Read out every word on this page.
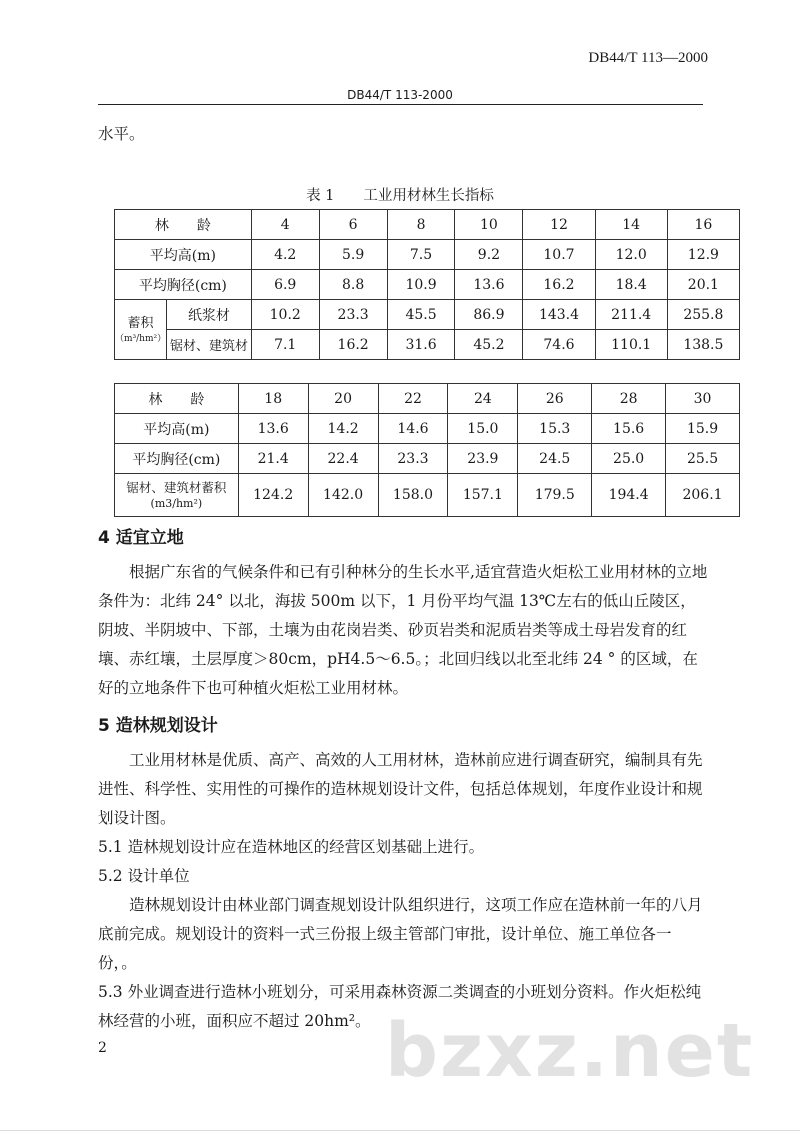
DB44/T 113—2000
DB44/T 113-2000
水平。
表 1　　工业用材林生长指标
林　　龄		4	6	8	10	12	14	16
平均高(m)		4.2	5.9	7.5	9.2	10.7	12.0	12.9
平均胸径(cm)		6.9	8.8	10.9	13.6	16.2	18.4	20.1

蓄积
（m³/hm²）	纸浆材	10.2	23.3	45.5	86.9	143.4	211.4	255.8
	锯材、建筑材	7.1	16.2	31.6	45.2	74.6	110.1	138.5
林　　龄	18	20	22	24	26	28	30
平均高(m)	13.6	14.2	14.6	15.0	15.3	15.6	15.9
平均胸径(cm)	21.4	22.4	23.3	23.9	24.5	25.0	25.5

锯材、建筑材蓄积
(m3/hm²)	124.2	142.0	158.0	157.1	179.5	194.4	206.1
4 适宜立地
根据广东省的气候条件和已有引种林分的生长水平,适宜营造火炬松工业用材林的立地条件为：北纬 24° 以北，海拔 500m 以下，1 月份平均气温 13℃左右的低山丘陵区，阴坡、半阴坡中、下部，土壤为由花岗岩类、砂页岩类和泥质岩类等成土母岩发育的红壤、赤红壤，土层厚度＞80cm，pH4.5～6.5。；北回归线以北至北纬 24 ° 的区域，在好的立地条件下也可种植火炬松工业用材林。
5 造林规划设计
工业用材林是优质、高产、高效的人工用材林，造林前应进行调查研究，编制具有先进性、科学性、实用性的可操作的造林规划设计文件，包括总体规划，年度作业设计和规划设计图。
5.1 造林规划设计应在造林地区的经营区划基础上进行。
5.2 设计单位
造林规划设计由林业部门调查规划设计队组织进行，这项工作应在造林前一年的八月底前完成。规划设计的资料一式三份报上级主管部门审批，设计单位、施工单位各一份，。
5.3 外业调查进行造林小班划分，可采用森林资源二类调查的小班划分资料。作火炬松纯林经营的小班，面积应不超过 20hm²。 bzxz.net
2
